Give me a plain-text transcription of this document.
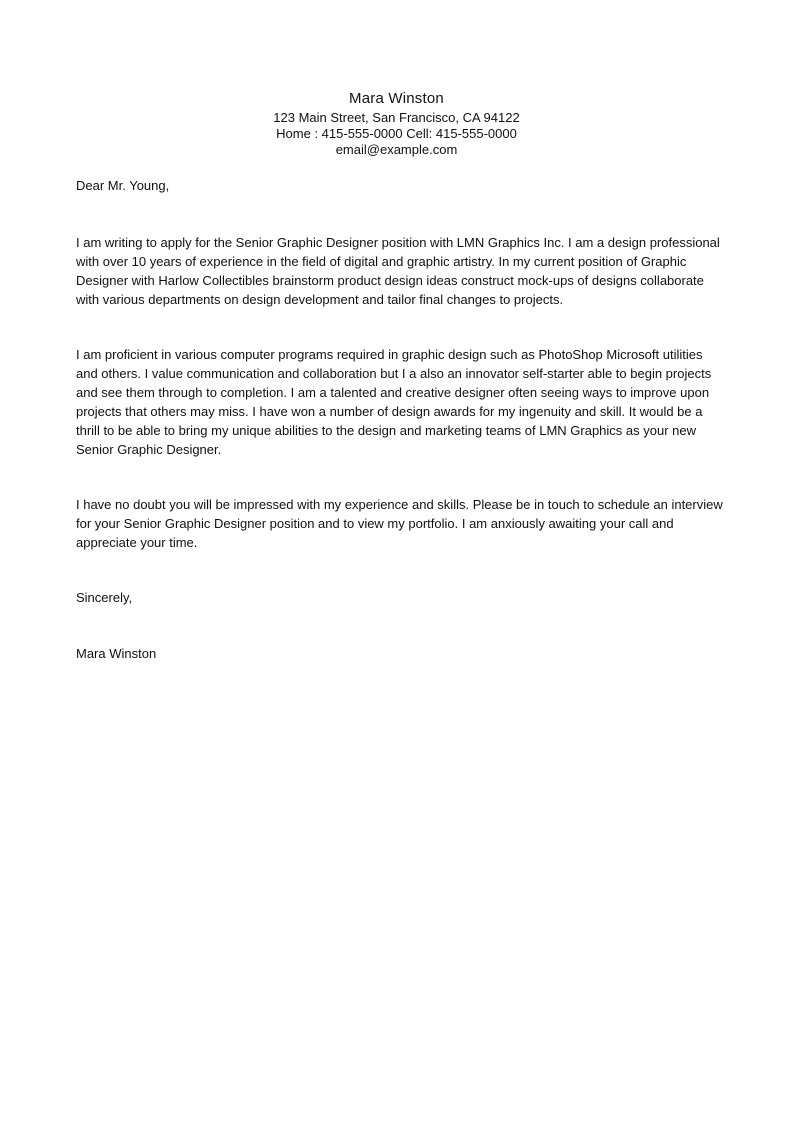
Mara Winston

123 Main Street, San Francisco, CA 94122

Home : 415-555-0000 Cell: 415-555-0000

email@example.com

Dear Mr. Young,

I am writing to apply for the Senior Graphic Designer position with LMN Graphics Inc. I am a design professional with over 10 years of experience in the field of digital and graphic artistry. In my current position of Graphic Designer with Harlow Collectibles brainstorm product design ideas construct mock-ups of designs collaborate with various departments on design development and tailor final changes to projects.

I am proficient in various computer programs required in graphic design such as PhotoShop Microsoft utilities and others. I value communication and collaboration but I a also an innovator self-starter able to begin projects and see them through to completion. I am a talented and creative designer often seeing ways to improve upon projects that others may miss. I have won a number of design awards for my ingenuity and skill. It would be a thrill to be able to bring my unique abilities to the design and marketing teams of LMN Graphics as your new Senior Graphic Designer.

I have no doubt you will be impressed with my experience and skills. Please be in touch to schedule an interview for your Senior Graphic Designer position and to view my portfolio. I am anxiously awaiting your call and appreciate your time.

Sincerely,

Mara Winston
